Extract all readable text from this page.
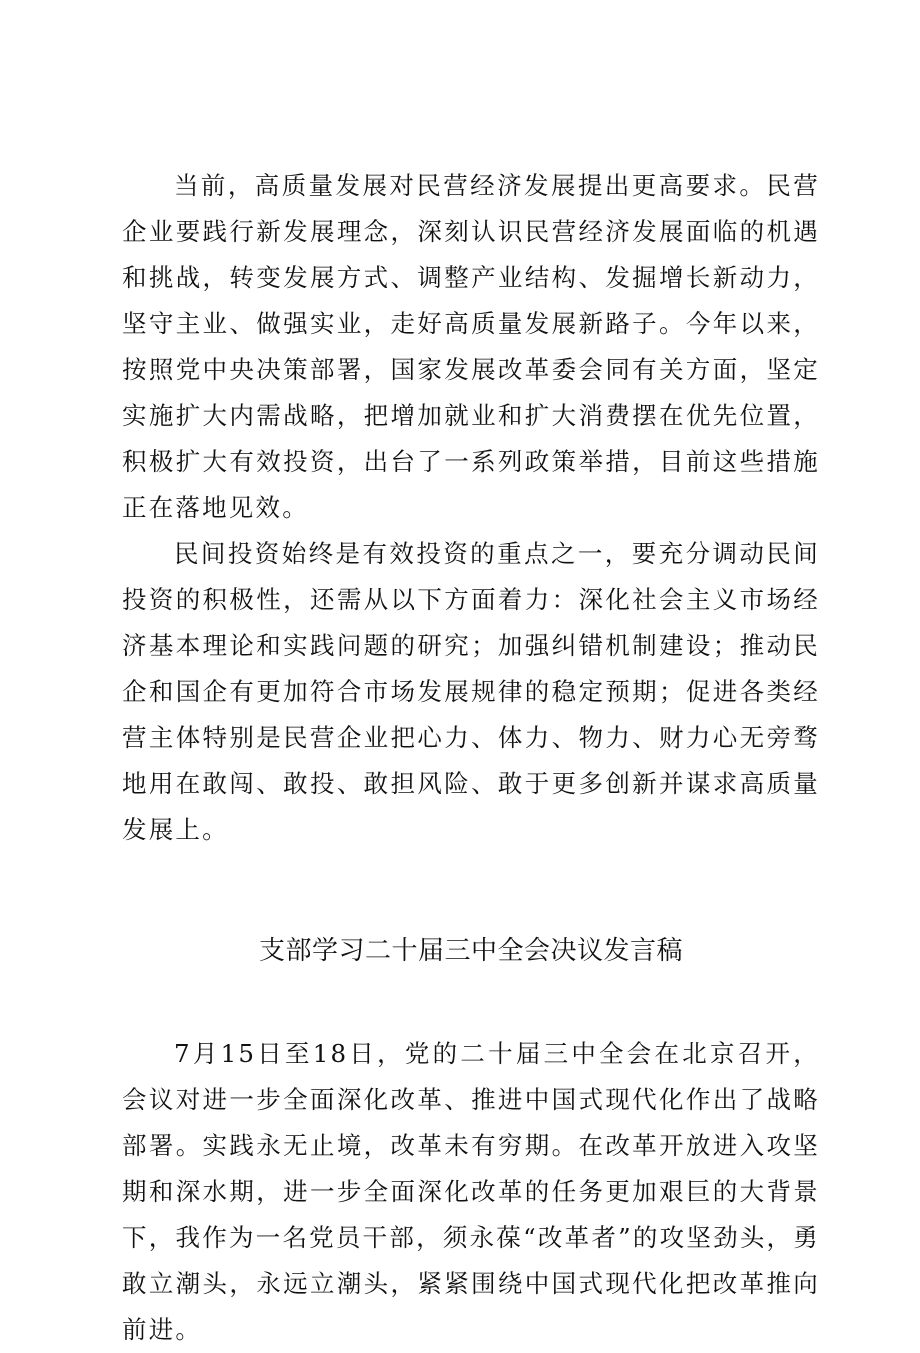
当前，高质量发展对民营经济发展提出更高要求。民营企业要践行新发展理念，深刻认识民营经济发展面临的机遇和挑战，转变发展方式、调整产业结构、发掘增长新动力，坚守主业、做强实业，走好高质量发展新路子。今年以来，按照党中央决策部署，国家发展改革委会同有关方面，坚定实施扩大内需战略，把增加就业和扩大消费摆在优先位置，积极扩大有效投资，出台了一系列政策举措，目前这些措施正在落地见效。

民间投资始终是有效投资的重点之一，要充分调动民间投资的积极性，还需从以下方面着力：深化社会主义市场经济基本理论和实践问题的研究；加强纠错机制建设；推动民企和国企有更加符合市场发展规律的稳定预期；促进各类经营主体特别是民营企业把心力、体力、物力、财力心无旁骛地用在敢闯、敢投、敢担风险、敢于更多创新并谋求高质量发展上。

支部学习二十届三中全会决议发言稿

7月15日至18日，党的二十届三中全会在北京召开，会议对进一步全面深化改革、推进中国式现代化作出了战略部署。实践永无止境，改革未有穷期。在改革开放进入攻坚期和深水期，进一步全面深化改革的任务更加艰巨的大背景下，我作为一名党员干部，须永葆“改革者”的攻坚劲头，勇敢立潮头，永远立潮头，紧紧围绕中国式现代化把改革推向前进。
